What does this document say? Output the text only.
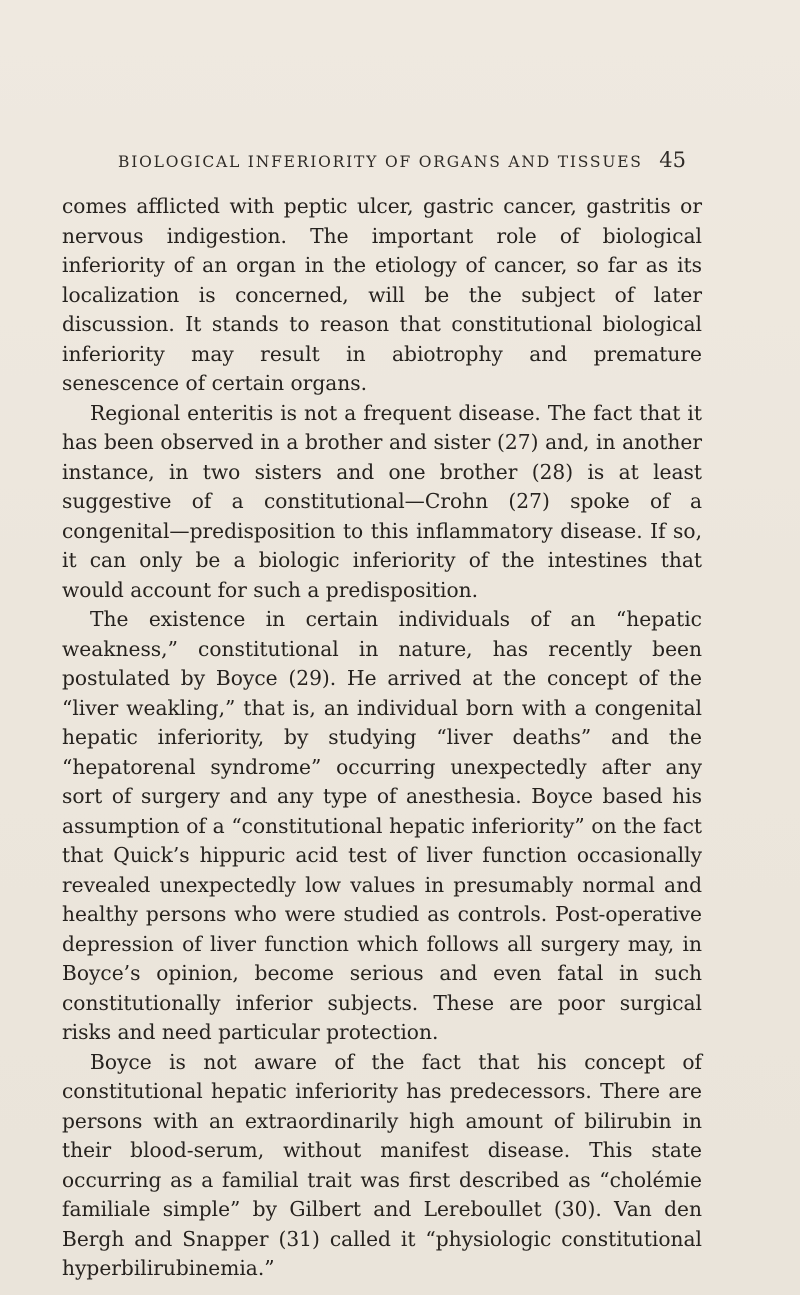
BIOLOGICAL INFERIORITY OF ORGANS AND TISSUES 45

comes afflicted with peptic ulcer, gastric cancer, gastritis or nervous indigestion. The important role of biological inferiority of an organ in the etiology of cancer, so far as its localization is concerned, will be the subject of later discussion. It stands to reason that constitutional biological inferiority may result in abiotrophy and premature senescence of certain organs.

Regional enteritis is not a frequent disease. The fact that it has been observed in a brother and sister (27) and, in another instance, in two sisters and one brother (28) is at least suggestive of a constitutional—Crohn (27) spoke of a congenital—predisposition to this inflammatory disease. If so, it can only be a biologic inferiority of the intestines that would account for such a predisposition.

The existence in certain individuals of an “hepatic weakness,” constitutional in nature, has recently been postulated by Boyce (29). He arrived at the concept of the “liver weakling,” that is, an individual born with a congenital hepatic inferiority, by studying “liver deaths” and the “hepatorenal syndrome” occurring unexpectedly after any sort of surgery and any type of anesthesia. Boyce based his assumption of a “constitutional hepatic inferiority” on the fact that Quick’s hippuric acid test of liver function occasionally revealed unexpectedly low values in presumably normal and healthy persons who were studied as controls. Post-operative depression of liver function which follows all surgery may, in Boyce’s opinion, become serious and even fatal in such constitutionally inferior subjects. These are poor surgical risks and need particular protection.

Boyce is not aware of the fact that his concept of constitutional hepatic inferiority has predecessors. There are persons with an extraordinarily high amount of bilirubin in their blood-serum, without manifest disease. This state occurring as a familial trait was first described as “cholémie familiale simple” by Gilbert and Lereboullet (30). Van den Bergh and Snapper (31) called it “physiologic constitutional hyperbilirubinemia.”
